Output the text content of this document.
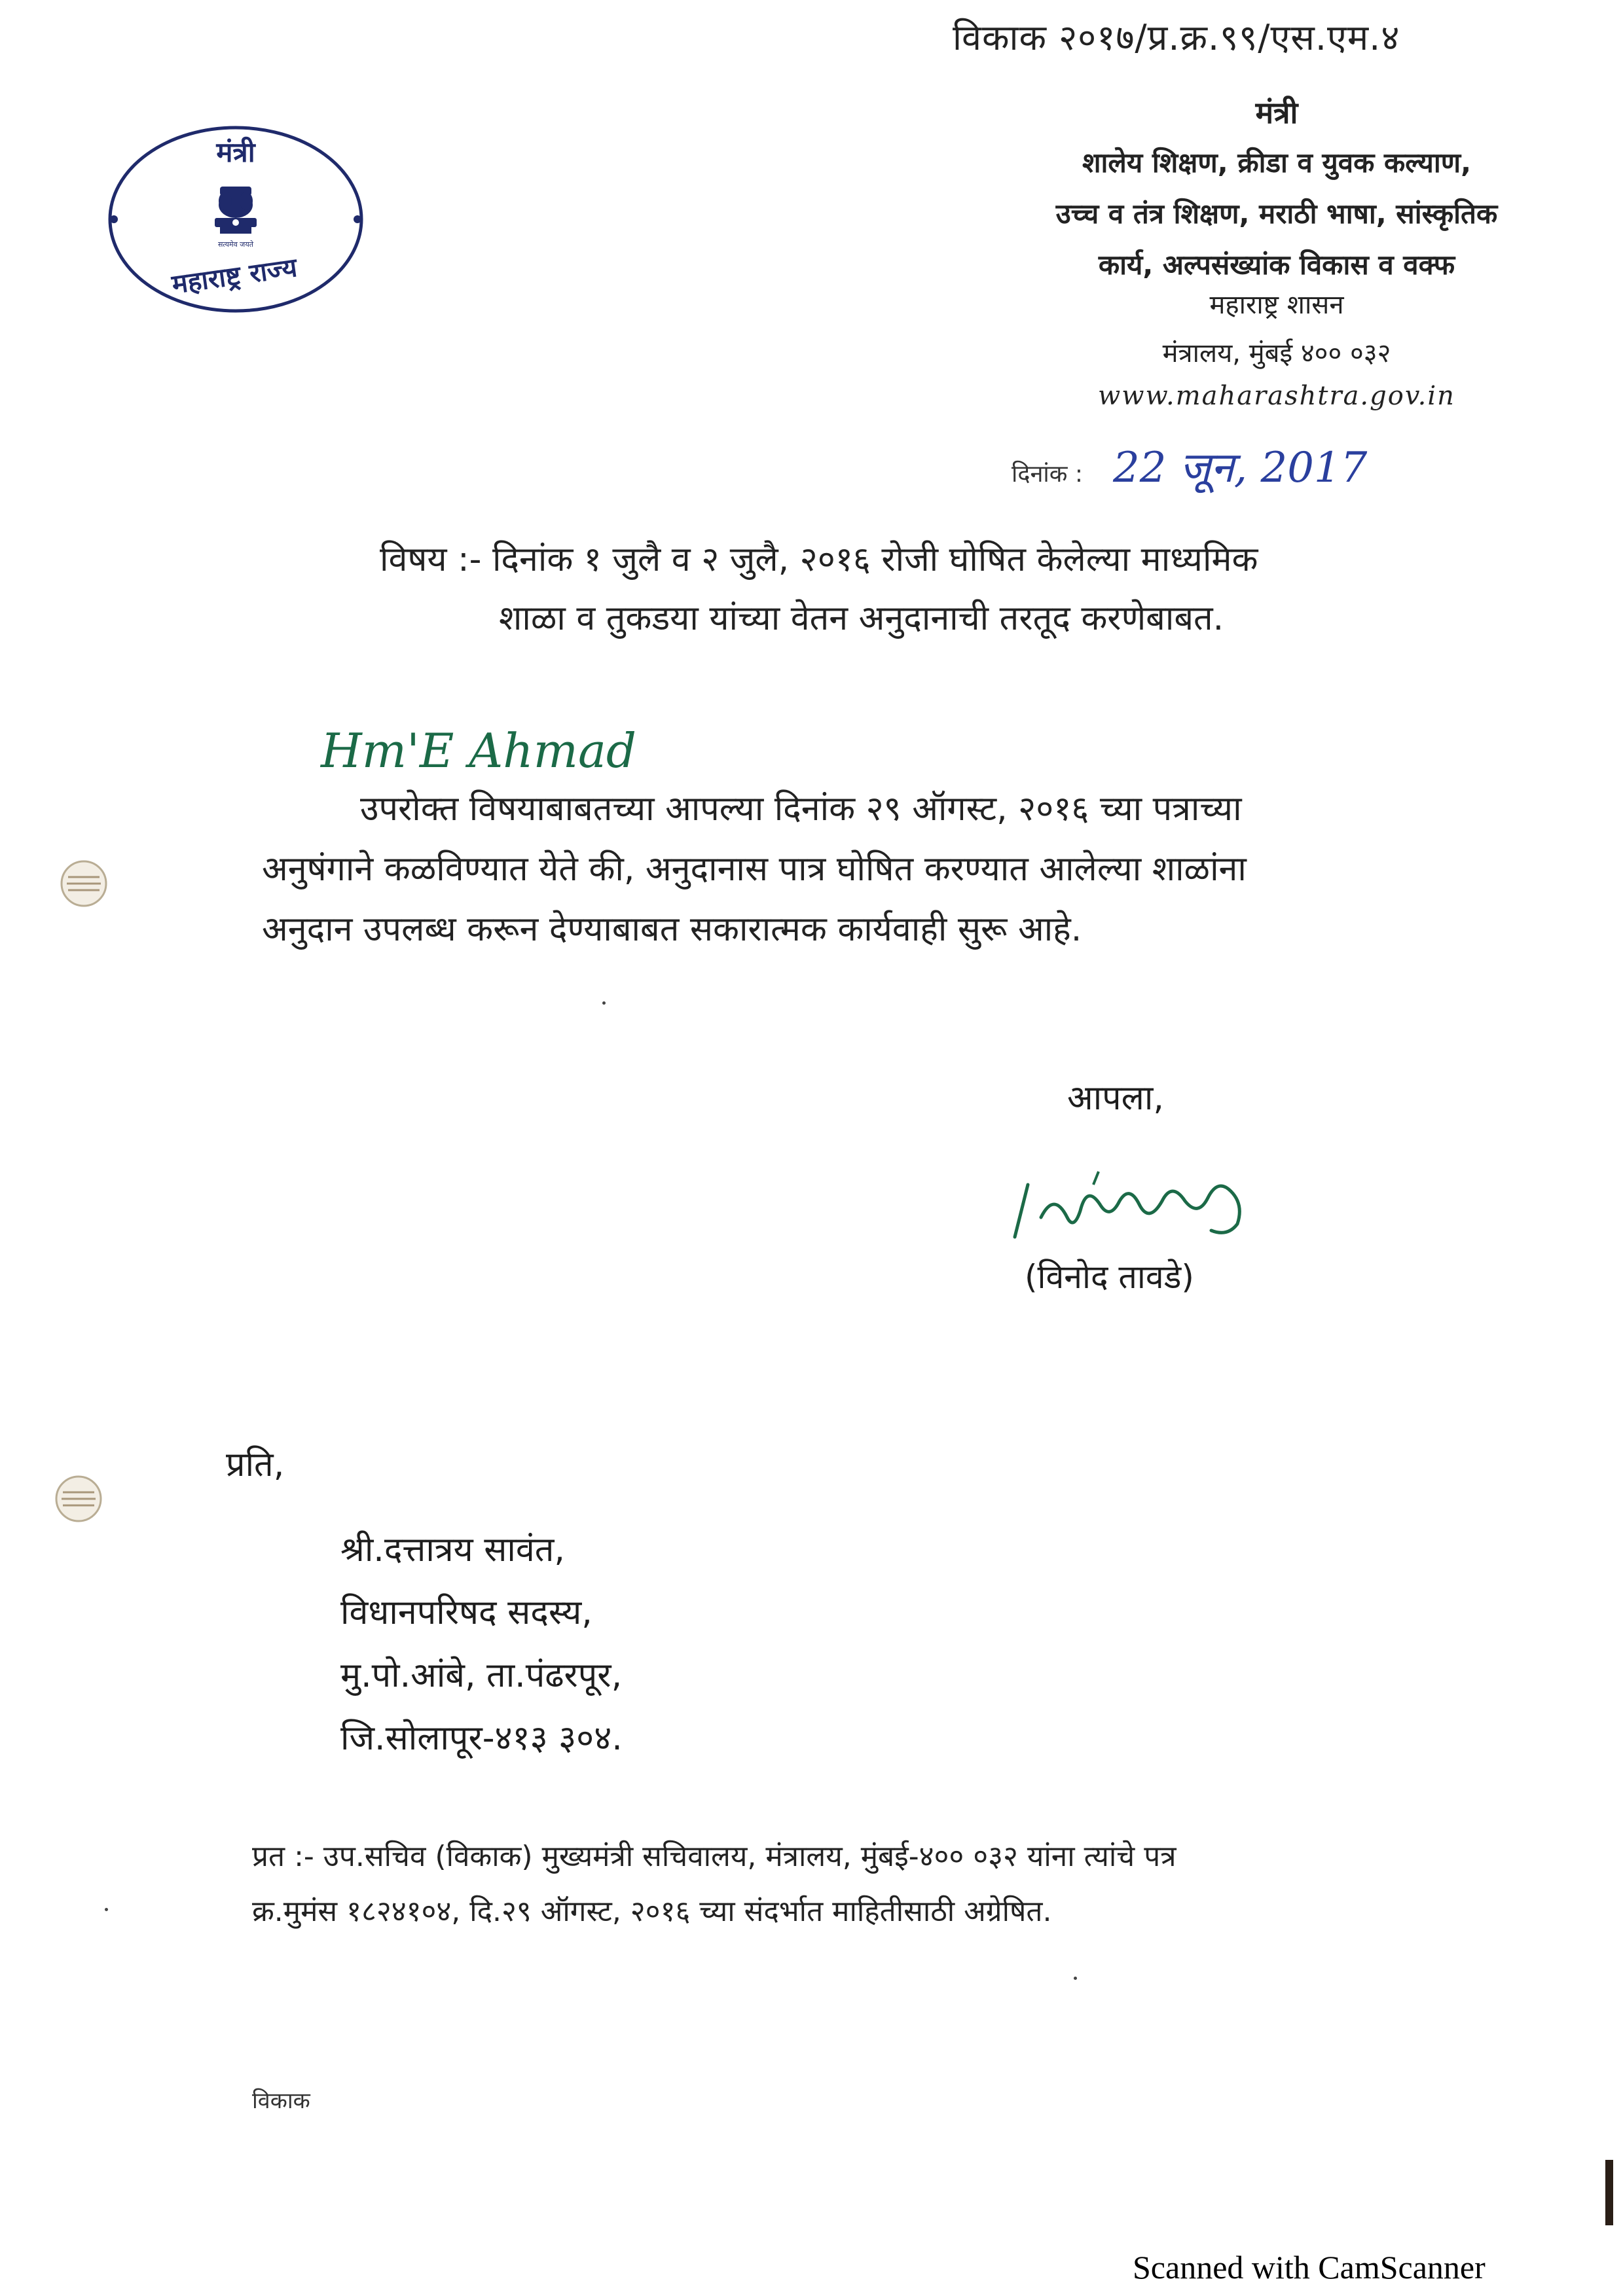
विकाक २०१७/प्र.क्र.९९/एस.एम.४
मंत्री
सत्यमेव जयते
महाराष्ट्र राज्य
मंत्री
शालेय शिक्षण, क्रीडा व युवक कल्याण,
उच्च व तंत्र शिक्षण, मराठी भाषा, सांस्कृतिक
कार्य, अल्पसंख्यांक विकास व वक्फ
महाराष्ट्र शासन
मंत्रालय, मुंबई ४०० ०३२
www.maharashtra.gov.in
दिनांक : 22 जून, 2017
विषय :- दिनांक १ जुलै व २ जुलै, २०१६ रोजी घोषित केलेल्या माध्यमिक
शाळा व तुकडया यांच्या वेतन अनुदानाची तरतूद करणेबाबत.
Hm'E Ahmad
उपरोक्त विषयाबाबतच्या आपल्या दिनांक २९ ऑगस्ट, २०१६ च्या पत्राच्या
अनुषंगाने कळविण्यात येते की, अनुदानास पात्र घोषित करण्यात आलेल्या शाळांना
अनुदान उपलब्ध करून देण्याबाबत सकारात्मक कार्यवाही सुरू आहे.
आपला,
(विनोद तावडे)
प्रति,
श्री.दत्तात्रय सावंत,
विधानपरिषद सदस्य,
मु.पो.आंबे, ता.पंढरपूर,
जि.सोलापूर-४१३ ३०४.
प्रत :- उप.सचिव (विकाक) मुख्यमंत्री सचिवालय, मंत्रालय, मुंबई-४०० ०३२ यांना त्यांचे पत्र
क्र.मुमंस १८२४१०४, दि.२९ ऑगस्ट, २०१६ च्या संदर्भात माहितीसाठी अग्रेषित.
विकाक
Scanned with CamScanner
